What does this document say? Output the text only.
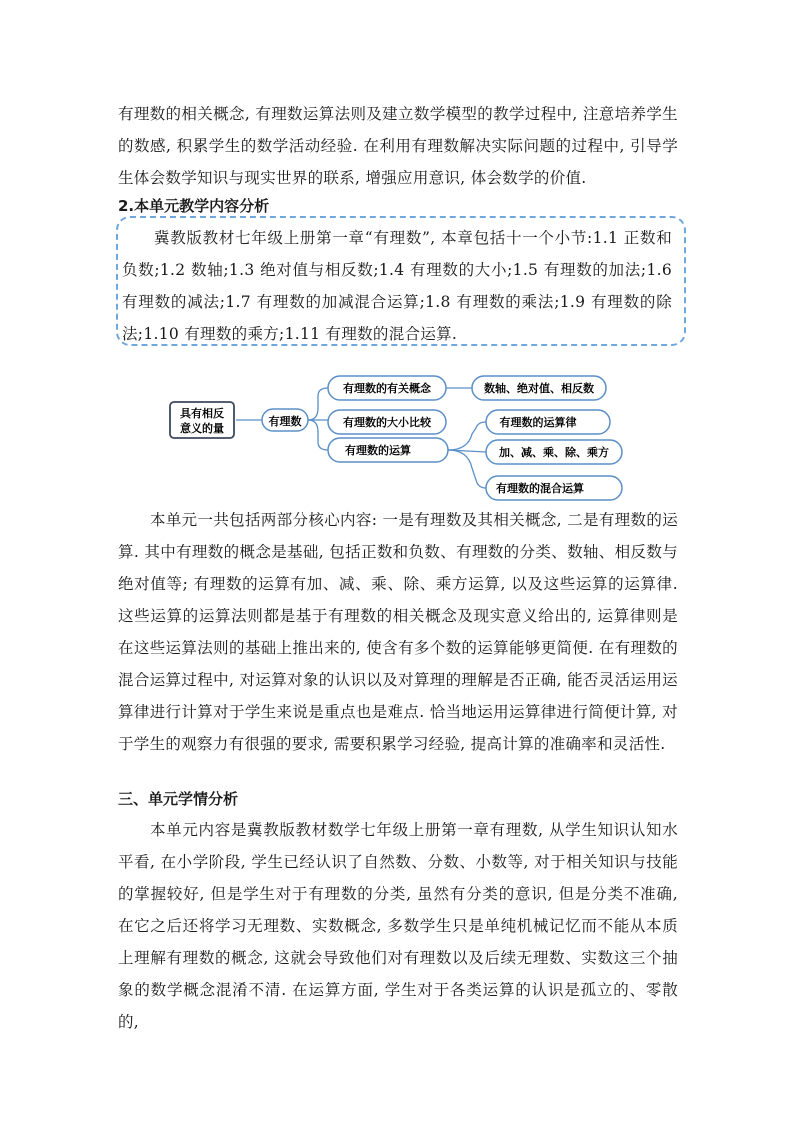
有理数的相关概念, 有理数运算法则及建立数学模型的教学过程中, 注意培养学生的数感, 积累学生的数学活动经验. 在利用有理数解决实际问题的过程中, 引导学生体会数学知识与现实世界的联系, 增强应用意识, 体会数学的价值.
2.本单元教学内容分析
冀教版教材七年级上册第一章“有理数”, 本章包括十一个小节:1.1 正数和负数;1.2 数轴;1.3 绝对值与相反数;1.4 有理数的大小;1.5 有理数的加法;1.6 有理数的减法;1.7 有理数的加减混合运算;1.8 有理数的乘法;1.9 有理数的除法;1.10 有理数的乘方;1.11 有理数的混合运算.
具有相反
意义的量
有理数
有理数的有关概念	数轴、绝对值、相反数
有理数的大小比较
有理数的运算
有理数的运算律
加、减、乘、除、乘方
有理数的混合运算
本单元一共包括两部分核心内容: 一是有理数及其相关概念, 二是有理数的运算. 其中有理数的概念是基础, 包括正数和负数、有理数的分类、数轴、相反数与绝对值等; 有理数的运算有加、减、乘、除、乘方运算, 以及这些运算的运算律. 这些运算的运算法则都是基于有理数的相关概念及现实意义给出的, 运算律则是在这些运算法则的基础上推出来的, 使含有多个数的运算能够更简便. 在有理数的混合运算过程中, 对运算对象的认识以及对算理的理解是否正确, 能否灵活运用运算律进行计算对于学生来说是重点也是难点. 恰当地运用运算律进行简便计算, 对于学生的观察力有很强的要求, 需要积累学习经验, 提高计算的准确率和灵活性.
三、单元学情分析
本单元内容是冀教版教材数学七年级上册第一章有理数, 从学生知识认知水平看, 在小学阶段, 学生已经认识了自然数、分数、小数等, 对于相关知识与技能的掌握较好, 但是学生对于有理数的分类, 虽然有分类的意识, 但是分类不准确, 在它之后还将学习无理数、实数概念, 多数学生只是单纯机械记忆而不能从本质上理解有理数的概念, 这就会导致他们对有理数以及后续无理数、实数这三个抽象的数学概念混淆不清. 在运算方面, 学生对于各类运算的认识是孤立的、零散的,
